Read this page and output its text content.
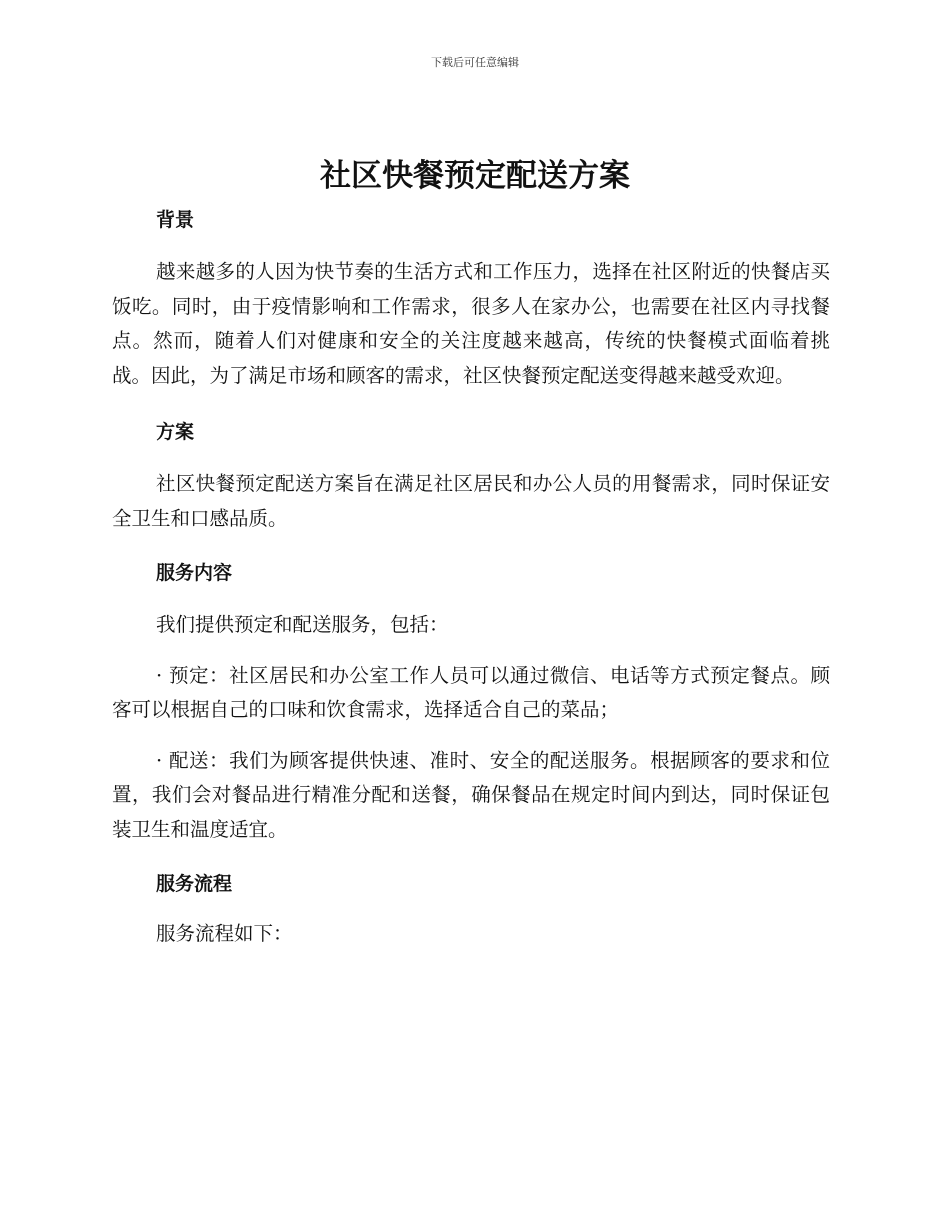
下载后可任意编辑
社区快餐预定配送方案

背景

越来越多的人因为快节奏的生活方式和工作压力，选择在社区附近的快餐店买饭吃。同时，由于疫情影响和工作需求，很多人在家办公，也需要在社区内寻找餐点。然而，随着人们对健康和安全的关注度越来越高，传统的快餐模式面临着挑战。因此，为了满足市场和顾客的需求，社区快餐预定配送变得越来越受欢迎。

方案

社区快餐预定配送方案旨在满足社区居民和办公人员的用餐需求，同时保证安全卫生和口感品质。

服务内容

我们提供预定和配送服务，包括：

· 预定：社区居民和办公室工作人员可以通过微信、电话等方式预定餐点。顾客可以根据自己的口味和饮食需求，选择适合自己的菜品；

· 配送：我们为顾客提供快速、准时、安全的配送服务。根据顾客的要求和位置，我们会对餐品进行精准分配和送餐，确保餐品在规定时间内到达，同时保证包装卫生和温度适宜。

服务流程

服务流程如下：
